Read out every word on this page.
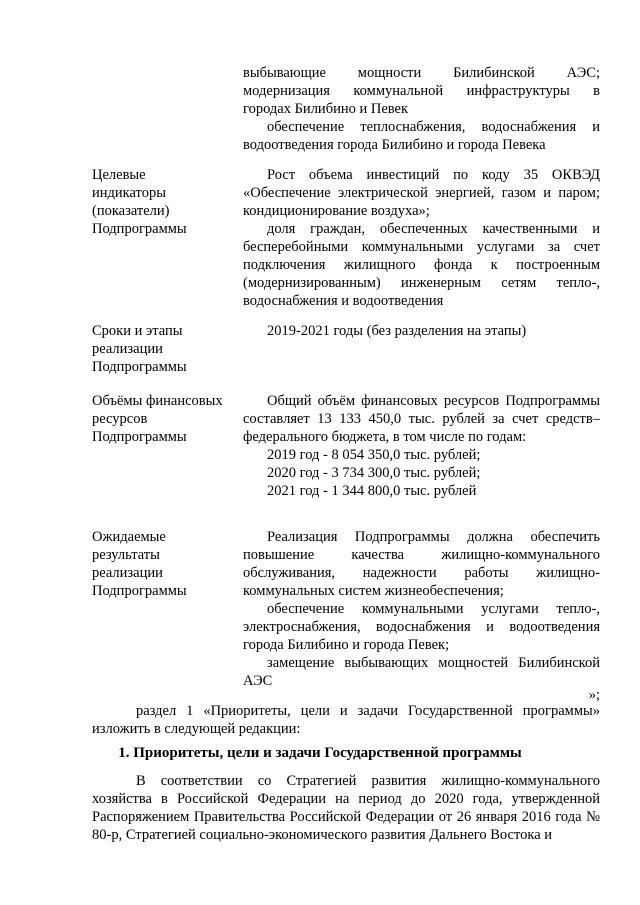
выбывающие мощности Билибинской АЭС;

модернизация коммунальной инфраструктуры в

городах Билибино и Певек

обеспечение теплоснабжения, водоснабжения и

водоотведения города Билибино и города Певека

Целевые
индикаторы
(показатели)
Подпрограммы

Рост объема инвестиций по коду 35 ОКВЭД «Обеспечение электрической энергией, газом и паром; кондиционирование воздуха»;

доля граждан, обеспеченных качественными и бесперебойными коммунальными услугами за счет подключения жилищного фонда к построенным (модернизированным) инженерным сетям тепло-, водоснабжения и водоотведения

Сроки и этапы
реализации
Подпрограммы

2019-2021 годы (без разделения на этапы)

Объёмы финансовых
ресурсов
Подпрограммы

Общий объём финансовых ресурсов Подпрограммы составляет 13 133 450,0 тыс. рублей за счет средств–федерального бюджета, в том числе по годам:

2019 год - 8 054 350,0 тыс. рублей;

2020 год - 3 734 300,0 тыс. рублей;

2021 год - 1 344 800,0 тыс. рублей

Ожидаемые
результаты
реализации
Подпрограммы

Реализация Подпрограммы должна обеспечить повышение качества жилищно-коммунального обслуживания, надежности работы жилищно-коммунальных систем жизнеобеспечения;

обеспечение коммунальными услугами тепло-, электроснабжения, водоснабжения и водоотведения города Билибино и города Певек;

замещение выбывающих мощностей Билибинской АЭС

»;

раздел 1 «Приоритеты, цели и задачи Государственной программы» изложить в следующей редакции:

1. Приоритеты, цели и задачи Государственной программы

В соответствии со Стратегией развития жилищно-коммунального хозяйства в Российской Федерации на период до 2020 года, утвержденной Распоряжением Правительства Российской Федерации от 26 января 2016 года № 80-р, Стратегией социально-экономического развития Дальнего Востока и
